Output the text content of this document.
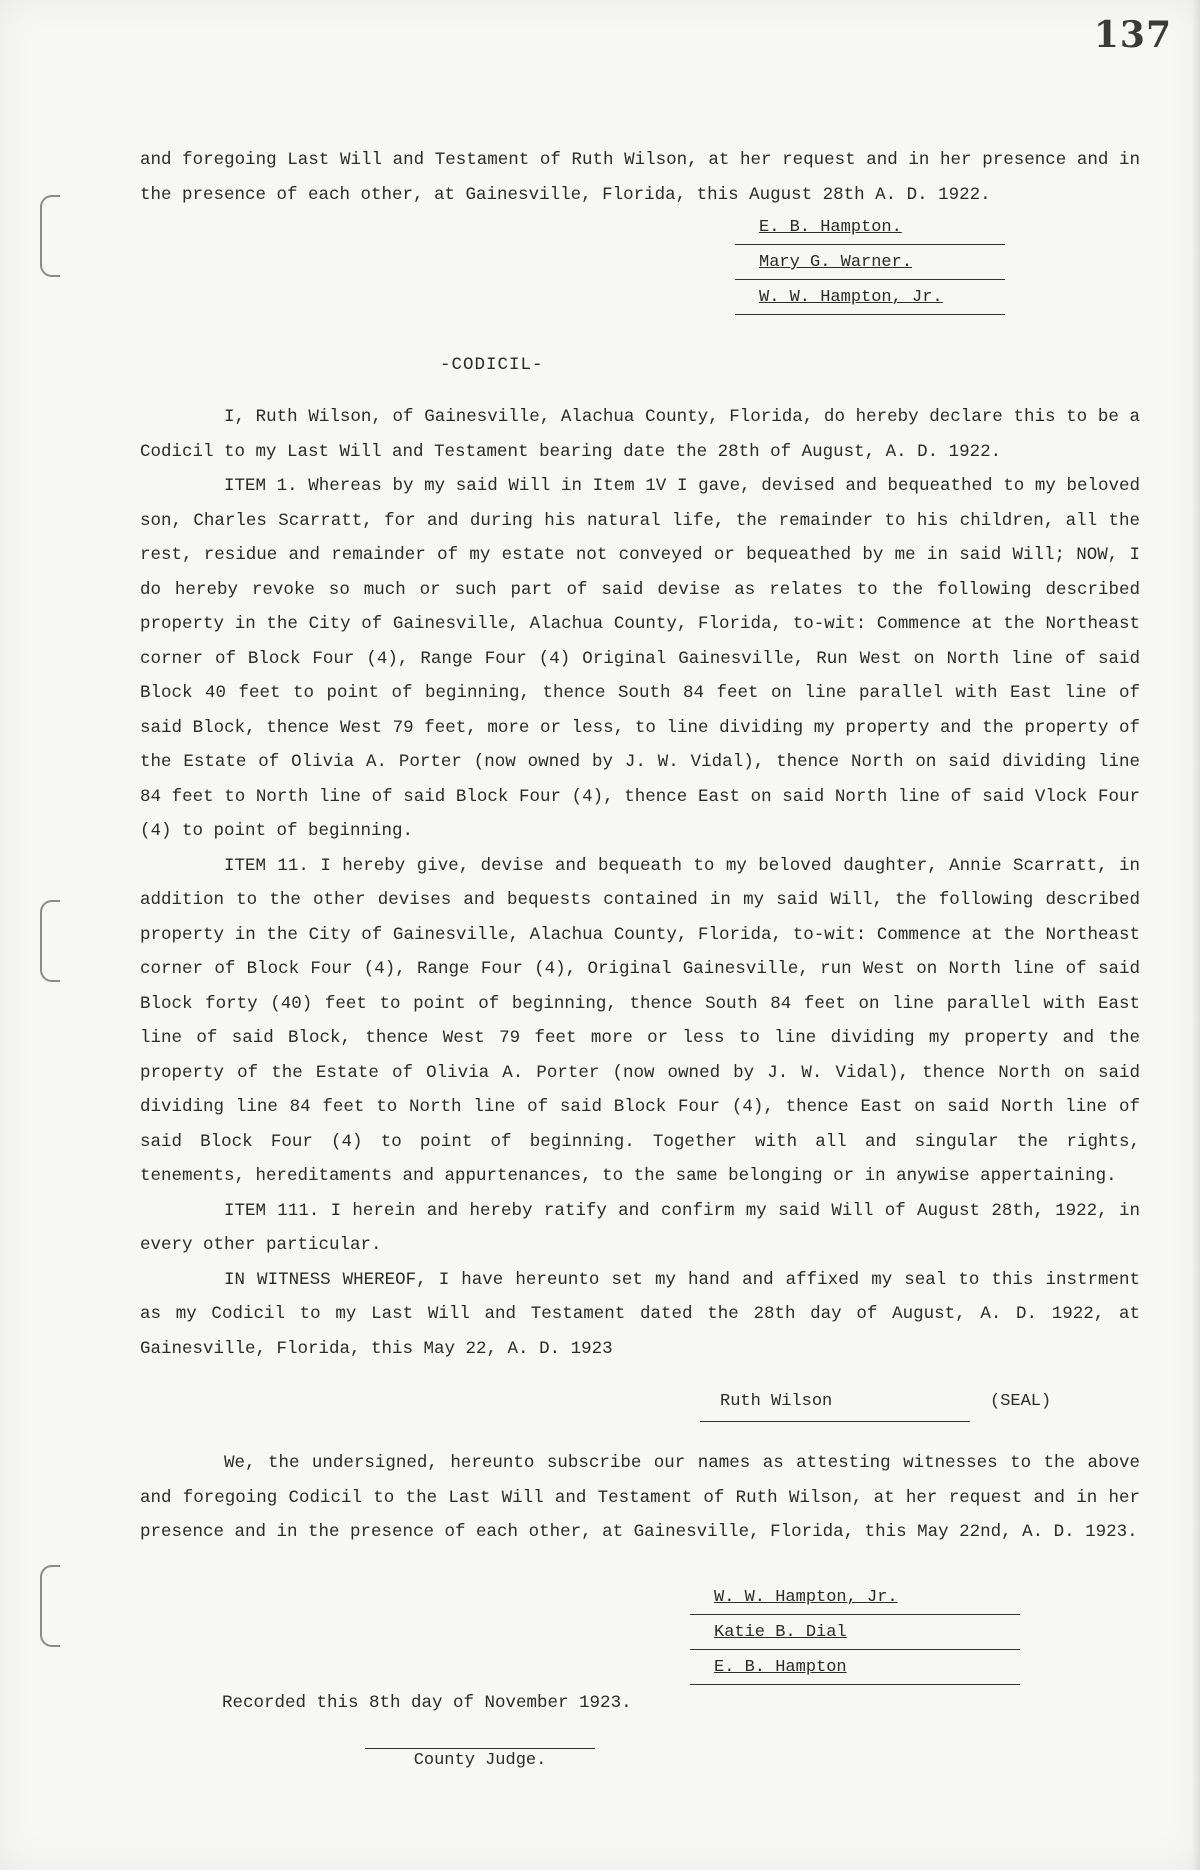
137

and foregoing Last Will and Testament of Ruth Wilson, at her request and in her presence and in the presence of each other, at Gainesville, Florida, this August 28th A. D. 1922.

E. B. Hampton.
Mary G. Warner.
W. W. Hampton, Jr.
-CODICIL-

I, Ruth Wilson, of Gainesville, Alachua County, Florida, do hereby declare this to be a Codicil to my Last Will and Testament bearing date the 28th of August, A. D. 1922.

ITEM 1. Whereas by my said Will in Item 1V I gave, devised and bequeathed to my beloved son, Charles Scarratt, for and during his natural life, the remainder to his children, all the rest, residue and remainder of my estate not conveyed or bequeathed by me in said Will; NOW, I do hereby revoke so much or such part of said devise as relates to the following described property in the City of Gainesville, Alachua County, Florida, to-wit: Commence at the Northeast corner of Block Four (4), Range Four (4) Original Gainesville, Run West on North line of said Block 40 feet to point of beginning, thence South 84 feet on line parallel with East line of said Block, thence West 79 feet, more or less, to line dividing my property and the property of the Estate of Olivia A. Porter (now owned by J. W. Vidal), thence North on said dividing line 84 feet to North line of said Block Four (4), thence East on said North line of said Vlock Four (4) to point of beginning.

ITEM 11. I hereby give, devise and bequeath to my beloved daughter, Annie Scarratt, in addition to the other devises and bequests contained in my said Will, the following described property in the City of Gainesville, Alachua County, Florida, to-wit: Commence at the Northeast corner of Block Four (4), Range Four (4), Original Gainesville, run West on North line of said Block forty (40) feet to point of beginning, thence South 84 feet on line parallel with East line of said Block, thence West 79 feet more or less to line dividing my property and the property of the Estate of Olivia A. Porter (now owned by J. W. Vidal), thence North on said dividing line 84 feet to North line of said Block Four (4), thence East on said North line of said Block Four (4) to point of beginning. Together with all and singular the rights, tenements, hereditaments and appurtenances, to the same belonging or in anywise appertaining.

ITEM 111. I herein and hereby ratify and confirm my said Will of August 28th, 1922, in every other particular.

IN WITNESS WHEREOF, I have hereunto set my hand and affixed my seal to this instrment as my Codicil to my Last Will and Testament dated the 28th day of August, A. D. 1922, at Gainesville, Florida, this May 22, A. D. 1923

Ruth Wilson	(SEAL)

We, the undersigned, hereunto subscribe our names as attesting witnesses to the above and foregoing Codicil to the Last Will and Testament of Ruth Wilson, at her request and in her presence and in the presence of each other, at Gainesville, Florida, this May 22nd, A. D. 1923.

W. W. Hampton, Jr.
Katie B. Dial
E. B. Hampton

Recorded this 8th day of November 1923.

County Judge.
